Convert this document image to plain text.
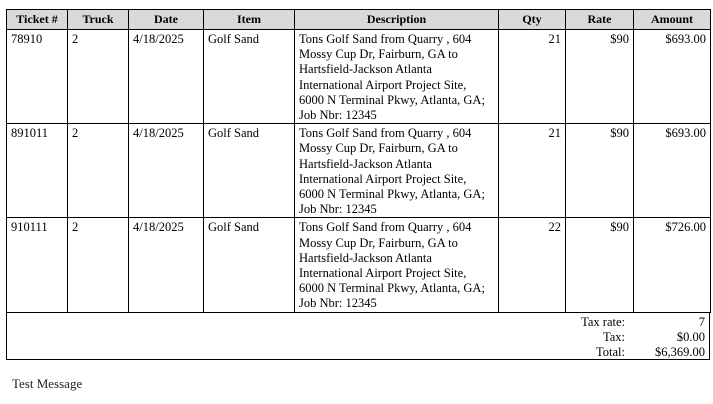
Ticket #	Truck	Date	Item	Description	Qty	Rate	Amount
78910	2	4/18/2025	Golf Sand	Tons Golf Sand from Quarry , 604 Mossy Cup Dr, Fairburn, GA to Hartsfield-Jackson Atlanta International Airport Project Site, 6000 N Terminal Pkwy, Atlanta, GA; Job Nbr: 12345	21	$90	$693.00
891011	2	4/18/2025	Golf Sand	Tons Golf Sand from Quarry , 604 Mossy Cup Dr, Fairburn, GA to Hartsfield-Jackson Atlanta International Airport Project Site, 6000 N Terminal Pkwy, Atlanta, GA; Job Nbr: 12345	21	$90	$693.00
910111	2	4/18/2025	Golf Sand	Tons Golf Sand from Quarry , 604 Mossy Cup Dr, Fairburn, GA to Hartsfield-Jackson Atlanta International Airport Project Site, 6000 N Terminal Pkwy, Atlanta, GA; Job Nbr: 12345	22	$90	$726.00
Tax rate:	7
Tax:	$0.00
Total: $6,369.00
Test Message
